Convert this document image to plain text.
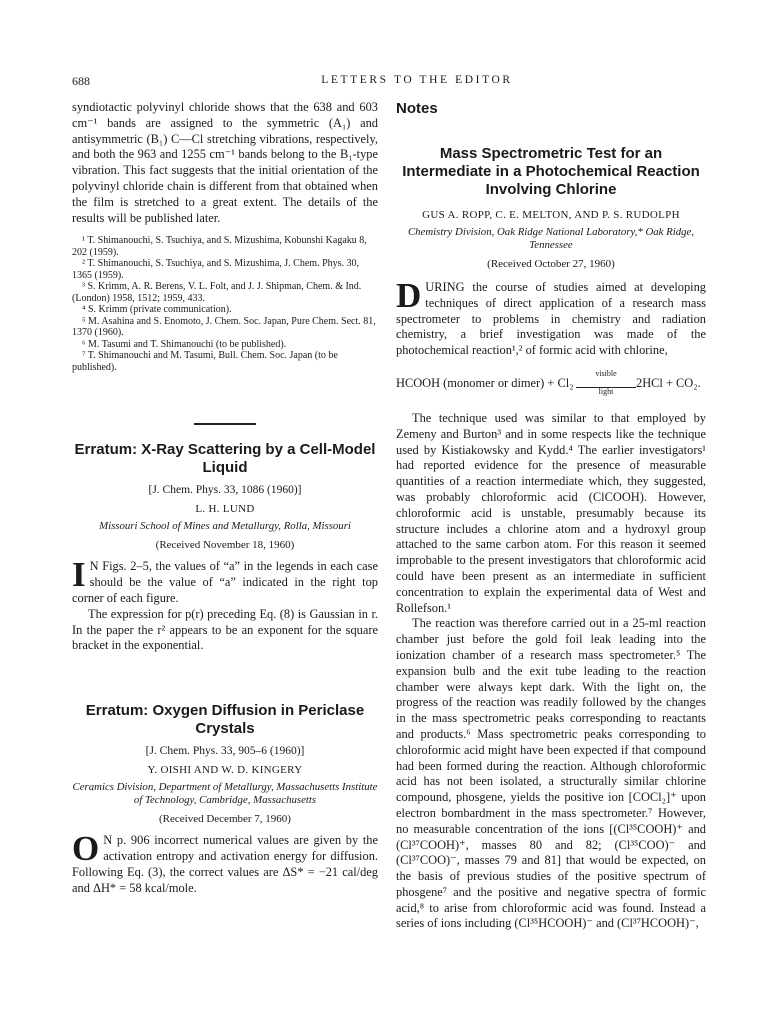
688	LETTERS TO THE EDITOR

syndiotactic polyvinyl chloride shows that the 638 and 603 cm⁻¹ bands are assigned to the symmetric (A₁) and antisymmetric (B₁) C—Cl stretching vibrations, respectively, and both the 963 and 1255 cm⁻¹ bands belong to the B₁-type vibration. This fact suggests that the initial orientation of the polyvinyl chloride chain is different from that obtained when the film is stretched to a great extent. The details of the results will be published later.

¹ T. Shimanouchi, S. Tsuchiya, and S. Mizushima, Kobunshi Kagaku 8, 202 (1959).
² T. Shimanouchi, S. Tsuchiya, and S. Mizushima, J. Chem. Phys. 30, 1365 (1959).
³ S. Krimm, A. R. Berens, V. L. Folt, and J. J. Shipman, Chem. & Ind. (London) 1958, 1512; 1959, 433.
⁴ S. Krimm (private communication).
⁵ M. Asahina and S. Enomoto, J. Chem. Soc. Japan, Pure Chem. Sect. 81, 1370 (1960).
⁶ M. Tasumi and T. Shimanouchi (to be published).
⁷ T. Shimanouchi and M. Tasumi, Bull. Chem. Soc. Japan (to be published).
Erratum: X-Ray Scattering by a Cell-Model Liquid
[J. Chem. Phys. 33, 1086 (1960)]
L. H. LUND
Missouri School of Mines and Metallurgy, Rolla, Missouri
(Received November 18, 1960)

I N Figs. 2–5, the values of “a” in the legends in each case should be the value of “a” indicated in the right top corner of each figure.

The expression for p(r) preceding Eq. (8) is Gaussian in r. In the paper the r² appears to be an exponent for the square bracket in the exponential.

Erratum: Oxygen Diffusion in Periclase Crystals
[J. Chem. Phys. 33, 905–6 (1960)]
Y. OISHI AND W. D. KINGERY
Ceramics Division, Department of Metallurgy, Massachusetts Institute of Technology, Cambridge, Massachusetts
(Received December 7, 1960)

O N p. 906 incorrect numerical values are given by the activation entropy and activation energy for diffusion. Following Eq. (3), the correct values are ΔS* = −21 cal/deg and ΔH* = 58 kcal/mole.

Notes
Mass Spectrometric Test for an Intermediate in a Photochemical Reaction Involving Chlorine
GUS A. ROPP, C. E. MELTON, AND P. S. RUDOLPH
Chemistry Division, Oak Ridge National Laboratory,* Oak Ridge, Tennessee
(Received October 27, 1960)

D URING the course of studies aimed at developing techniques of direct application of a research mass spectrometer to problems in chemistry and radiation chemistry, a brief investigation was made of the photochemical reaction¹,² of formic acid with chlorine,

HCOOH (monomer or dimer) + Cl₂
visible
light
2HCl + CO₂.

The technique used was similar to that employed by Zemeny and Burton³ and in some respects like the technique used by Kistiakowsky and Kydd.⁴ The earlier investigators¹ had reported evidence for the presence of measurable quantities of a reaction intermediate which, they suggested, was probably chloroformic acid (ClCOOH). However, chloroformic acid is unstable, presumably because its structure includes a chlorine atom and a hydroxyl group attached to the same carbon atom. For this reason it seemed improbable to the present investigators that chloroformic acid could have been present as an intermediate in sufficient concentration to explain the experimental data of West and Rollefson.¹

The reaction was therefore carried out in a 25-ml reaction chamber just before the gold foil leak leading into the ionization chamber of a research mass spectrometer.⁵ The expansion bulb and the exit tube leading to the reaction chamber were always kept dark. With the light on, the progress of the reaction was readily followed by the changes in the mass spectrometric peaks corresponding to reactants and products.⁶ Mass spectrometric peaks corresponding to chloroformic acid might have been expected if that compound had been formed during the reaction. Although chloroformic acid has not been isolated, a structurally similar chlorine compound, phosgene, yields the positive ion [COCl₂]⁺ upon electron bombardment in the mass spectrometer.⁷ However, no measurable concentration of the ions [(Cl³⁵COOH)⁺ and (Cl³⁷COOH)⁺, masses 80 and 82; (Cl³⁵COO)⁻ and (Cl³⁷COO)⁻, masses 79 and 81] that would be expected, on the basis of previous studies of the positive spectrum of phosgene⁷ and the positive and negative spectra of formic acid,⁸ to arise from chloroformic acid was found. Instead a series of ions including (Cl³⁵HCOOH)⁻ and (Cl³⁷HCOOH)⁻,
